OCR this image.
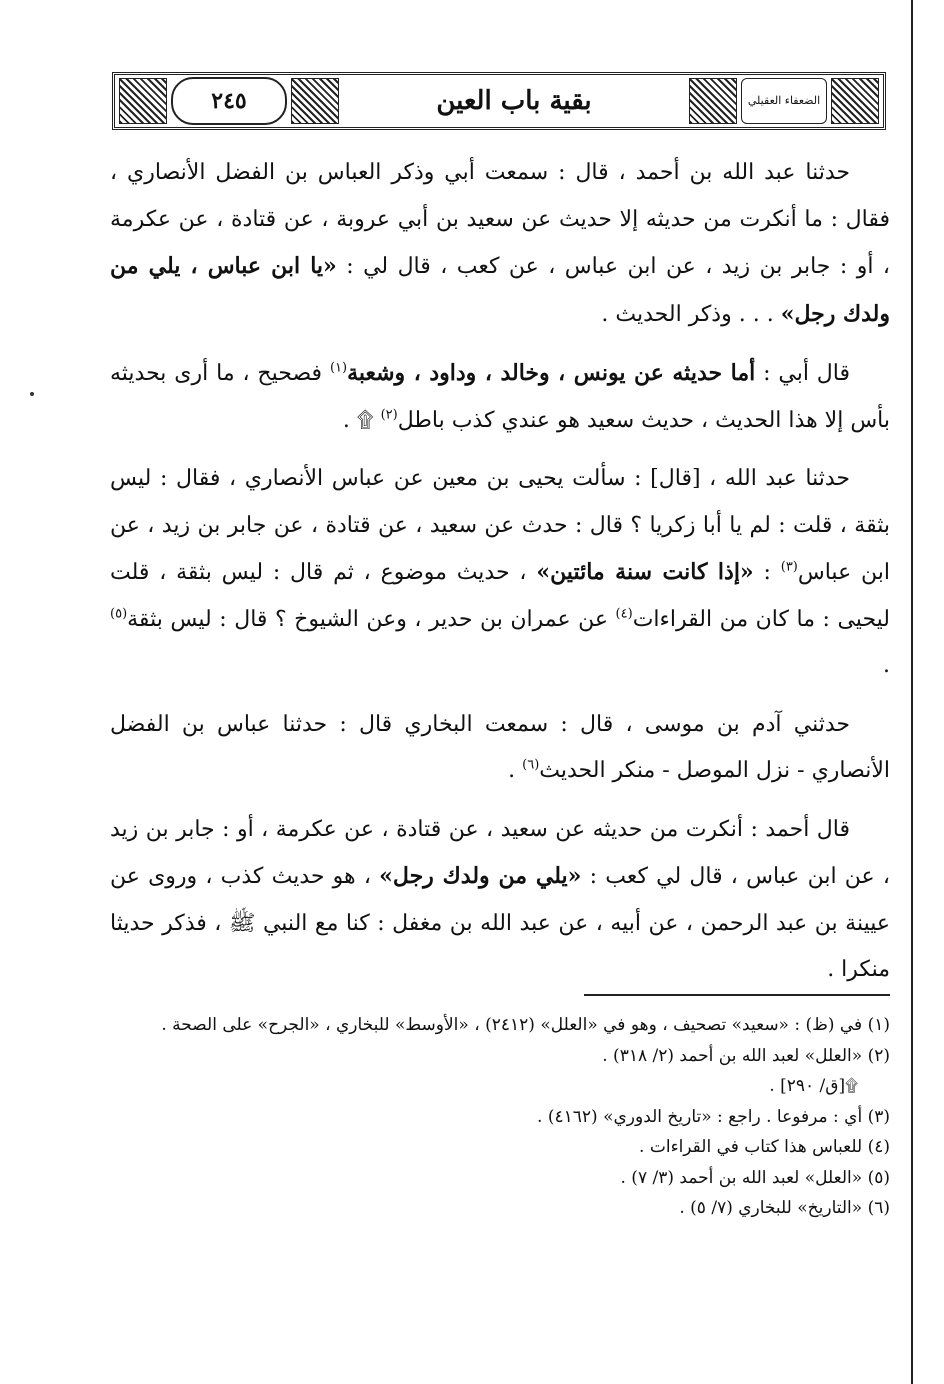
٢٤٥	بقية باب العين	الضعفاء العقيلي

حدثنا عبد الله بن أحمد ، قال : سمعت أبي وذكر العباس بن الفضل الأنصاري ، فقال : ما أنكرت من حديثه إلا حديث عن سعيد بن أبي عروبة ، عن قتادة ، عن عكرمة ، أو : جابر بن زيد ، عن ابن عباس ، عن كعب ، قال لي : «يا ابن عباس ، يلي من ولدك رجل» . . . وذكر الحديث .

قال أبي : أما حديثه عن يونس ، وخالد ، وداود ، وشعبة$^{(١)}$ فصحيح ، ما أرى بحديثه بأس إلا هذا الحديث ، حديث سعيد هو عندي كذب باطل$^{(٢)}$ ۩ .

حدثنا عبد الله ، [قال] : سألت يحيى بن معين عن عباس الأنصاري ، فقال : ليس بثقة ، قلت : لم يا أبا زكريا ؟ قال : حدث عن سعيد ، عن قتادة ، عن جابر بن زيد ، عن ابن عباس$^{(٣)}$ : «إذا كانت سنة مائتين» ، حديث موضوع ، ثم قال : ليس بثقة ، قلت ليحيى : ما كان من القراءات$^{(٤)}$ عن عمران بن حدير ، وعن الشيوخ ؟ قال : ليس بثقة$^{(٥)}$ .

حدثني آدم بن موسى ، قال : سمعت البخاري قال : حدثنا عباس بن الفضل الأنصاري - نزل الموصل - منكر الحديث$^{(٦)}$ .

قال أحمد : أنكرت من حديثه عن سعيد ، عن قتادة ، عن عكرمة ، أو : جابر بن زيد ، عن ابن عباس ، قال لي كعب : «يلي من ولدك رجل» ، هو حديث كذب ، وروى عن عيينة بن عبد الرحمن ، عن أبيه ، عن عبد الله بن مغفل : كنا مع النبي ﷺ ، فذكر حديثا منكرا .

(١) في (ظ) : «سعيد» تصحيف ، وهو في «العلل» (٢٤١٢) ، «الأوسط» للبخاري ، «الجرح» على الصحة .

(٢) «العلل» لعبد الله بن أحمد (٢/ ٣١٨) .

۩[ق/ ٢٩٠] .

(٣) أي : مرفوعا . راجع : «تاريخ الدوري» (٤١٦٢) .

(٤) للعباس هذا كتاب في القراءات .

(٥) «العلل» لعبد الله بن أحمد (٣/ ٧) .

(٦) «التاريخ» للبخاري (٧/ ٥) .
